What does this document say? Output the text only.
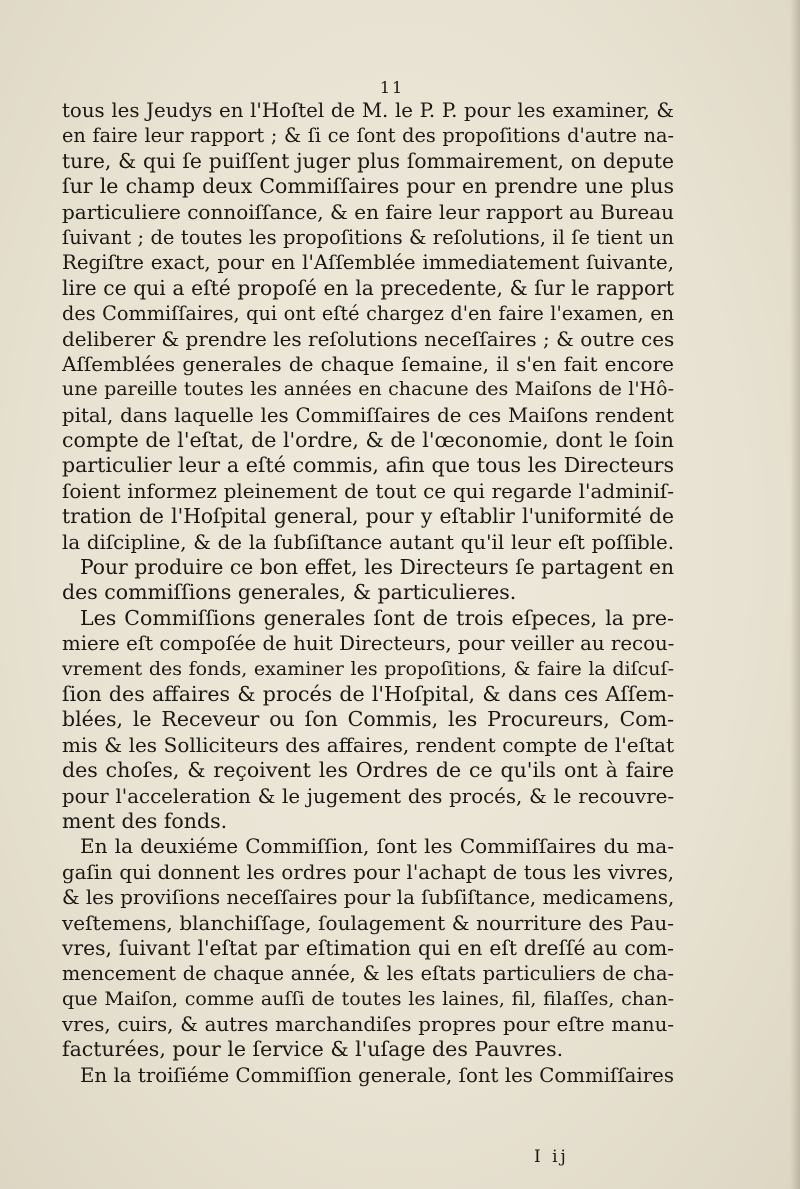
11
tous les Jeudys en l'Hoſtel de M. le P. P. pour les examiner, &
en faire leur rapport ; & ſi ce ſont des propoſitions d'autre na-
ture, & qui ſe puiſſent juger plus ſommairement, on depute
ſur le champ deux Commiſſaires pour en prendre une plus
particuliere connoiſſance, & en faire leur rapport au Bureau
ſuivant ; de toutes les propoſitions & reſolutions, il ſe tient un
Regiſtre exact, pour en l'Aſſemblée immediatement ſuivante,
lire ce qui a eſté propoſé en la precedente, & ſur le rapport
des Commiſſaires, qui ont eſté chargez d'en faire l'examen, en
deliberer & prendre les reſolutions neceſſaires ; & outre ces
Aſſemblées generales de chaque ſemaine, il s'en fait encore
une pareille toutes les années en chacune des Maiſons de l'Hô-
pital, dans laquelle les Commiſſaires de ces Maiſons rendent
compte de l'eſtat, de l'ordre, & de l'œconomie, dont le ſoin
particulier leur a eſté commis, afin que tous les Directeurs
ſoient informez pleinement de tout ce qui regarde l'adminiſ-
tration de l'Hoſpital general, pour y eſtablir l'uniformité de
la diſcipline, & de la ſubſiſtance autant qu'il leur eſt poſſible.
Pour produire ce bon effet, les Directeurs ſe partagent en
des commiſſions generales, & particulieres.
Les Commiſſions generales ſont de trois eſpeces, la pre-
miere eſt compoſée de huit Directeurs, pour veiller au recou-
vrement des fonds, examiner les propoſitions, & faire la diſcuſ-
ſion des affaires & procés de l'Hoſpital, & dans ces Aſſem-
blées, le Receveur ou ſon Commis, les Procureurs, Com-
mis & les Solliciteurs des affaires, rendent compte de l'eſtat
des choſes, & reçoivent les Ordres de ce qu'ils ont à faire
pour l'acceleration & le jugement des procés, & le recouvre-
ment des fonds.
En la deuxiéme Commiſſion, ſont les Commiſſaires du ma-
gaſin qui donnent les ordres pour l'achapt de tous les vivres,
& les proviſions neceſſaires pour la ſubſiſtance, medicamens,
veſtemens, blanchiſſage, ſoulagement & nourriture des Pau-
vres, ſuivant l'eſtat par eſtimation qui en eſt dreſſé au com-
mencement de chaque année, & les eſtats particuliers de cha-
que Maiſon, comme auſſi de toutes les laines, fil, filaſſes, chan-
vres, cuirs, & autres marchandiſes propres pour eſtre manu-
facturées, pour le ſervice & l'uſage des Pauvres.
En la troiſiéme Commiſſion generale, ſont les Commiſſaires
I ij
